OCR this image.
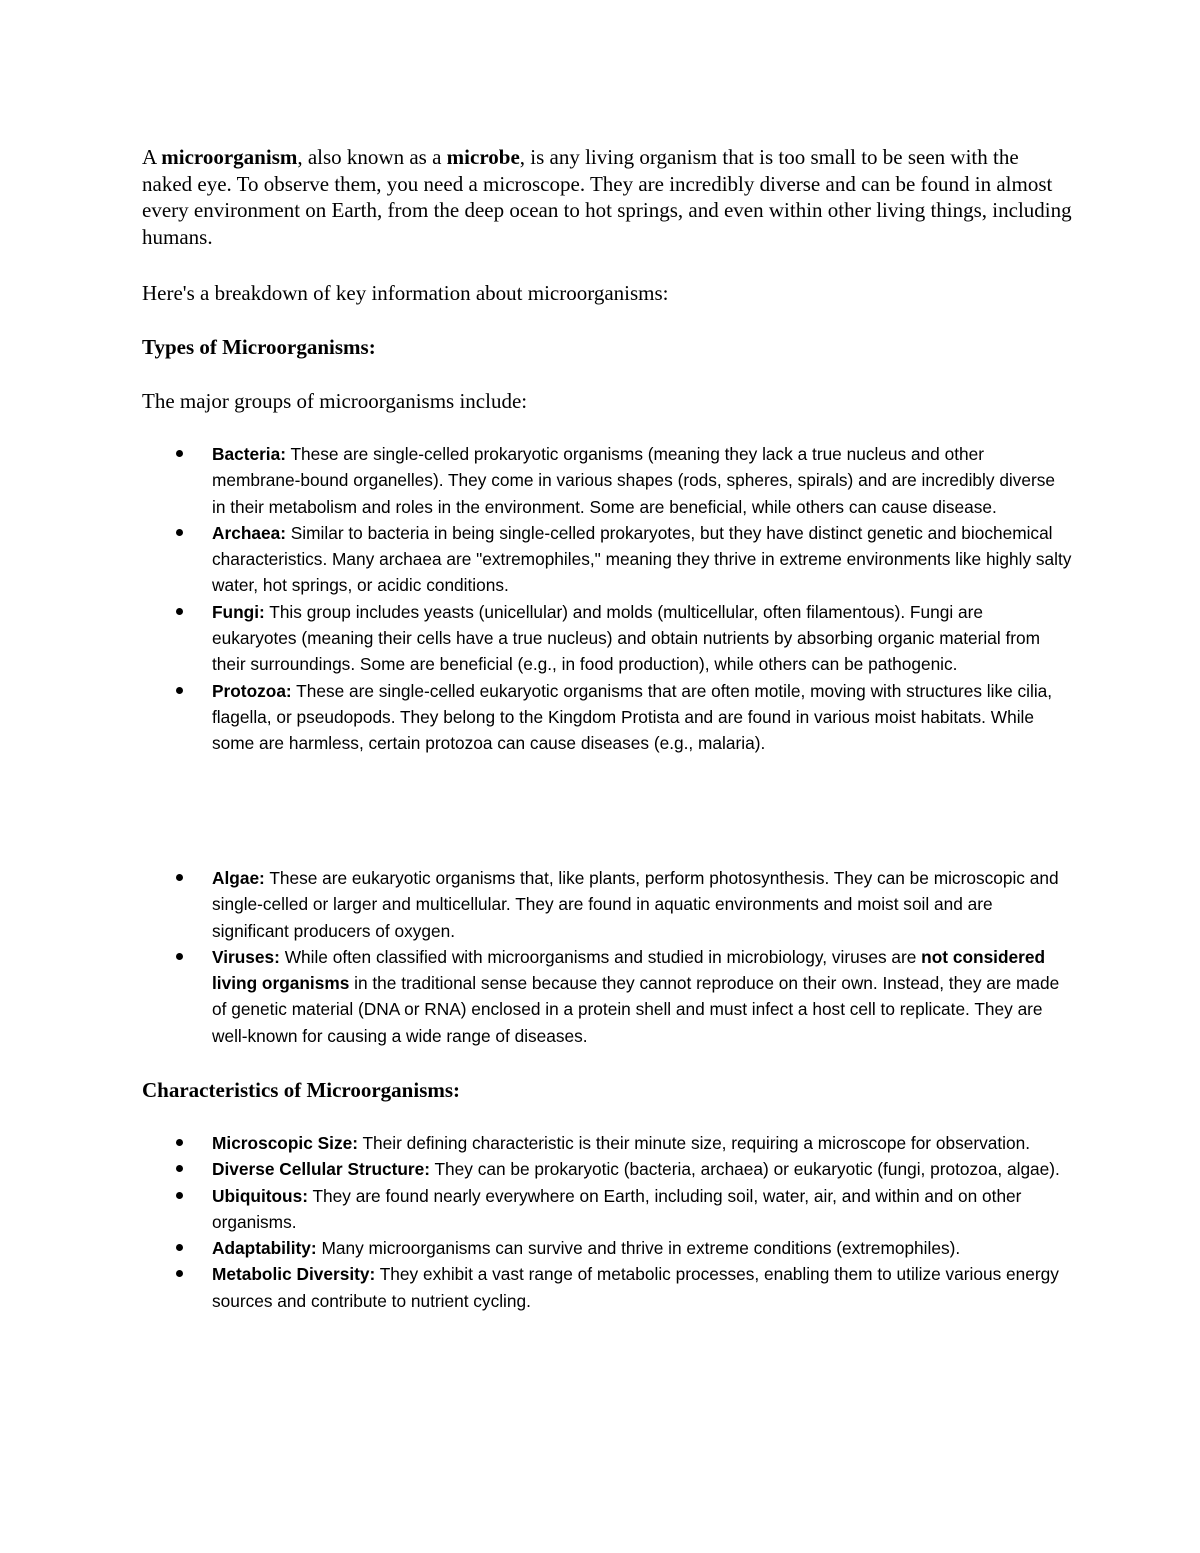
A microorganism, also known as a microbe, is any living organism that is too small to be seen with the naked eye. To observe them, you need a microscope. They are incredibly diverse and can be found in almost every environment on Earth, from the deep ocean to hot springs, and even within other living things, including humans.

Here's a breakdown of key information about microorganisms:

Types of Microorganisms:

The major groups of microorganisms include:

Bacteria: These are single-celled prokaryotic organisms (meaning they lack a true nucleus and other membrane-bound organelles). They come in various shapes (rods, spheres, spirals) and are incredibly diverse in their metabolism and roles in the environment. Some are beneficial, while others can cause disease.
Archaea: Similar to bacteria in being single-celled prokaryotes, but they have distinct genetic and biochemical characteristics. Many archaea are "extremophiles," meaning they thrive in extreme environments like highly salty water, hot springs, or acidic conditions.
Fungi: This group includes yeasts (unicellular) and molds (multicellular, often filamentous). Fungi are eukaryotes (meaning their cells have a true nucleus) and obtain nutrients by absorbing organic material from their surroundings. Some are beneficial (e.g., in food production), while others can be pathogenic.
Protozoa: These are single-celled eukaryotic organisms that are often motile, moving with structures like cilia, flagella, or pseudopods. They belong to the Kingdom Protista and are found in various moist habitats. While some are harmless, certain protozoa can cause diseases (e.g., malaria).
Algae: These are eukaryotic organisms that, like plants, perform photosynthesis. They can be microscopic and single-celled or larger and multicellular. They are found in aquatic environments and moist soil and are significant producers of oxygen.
Viruses: While often classified with microorganisms and studied in microbiology, viruses are not considered living organisms in the traditional sense because they cannot reproduce on their own. Instead, they are made of genetic material (DNA or RNA) enclosed in a protein shell and must infect a host cell to replicate. They are well-known for causing a wide range of diseases.

Characteristics of Microorganisms:

Microscopic Size: Their defining characteristic is their minute size, requiring a microscope for observation.
Diverse Cellular Structure: They can be prokaryotic (bacteria, archaea) or eukaryotic (fungi, protozoa, algae).
Ubiquitous: They are found nearly everywhere on Earth, including soil, water, air, and within and on other organisms.
Adaptability: Many microorganisms can survive and thrive in extreme conditions (extremophiles).
Metabolic Diversity: They exhibit a vast range of metabolic processes, enabling them to utilize various energy sources and contribute to nutrient cycling.
